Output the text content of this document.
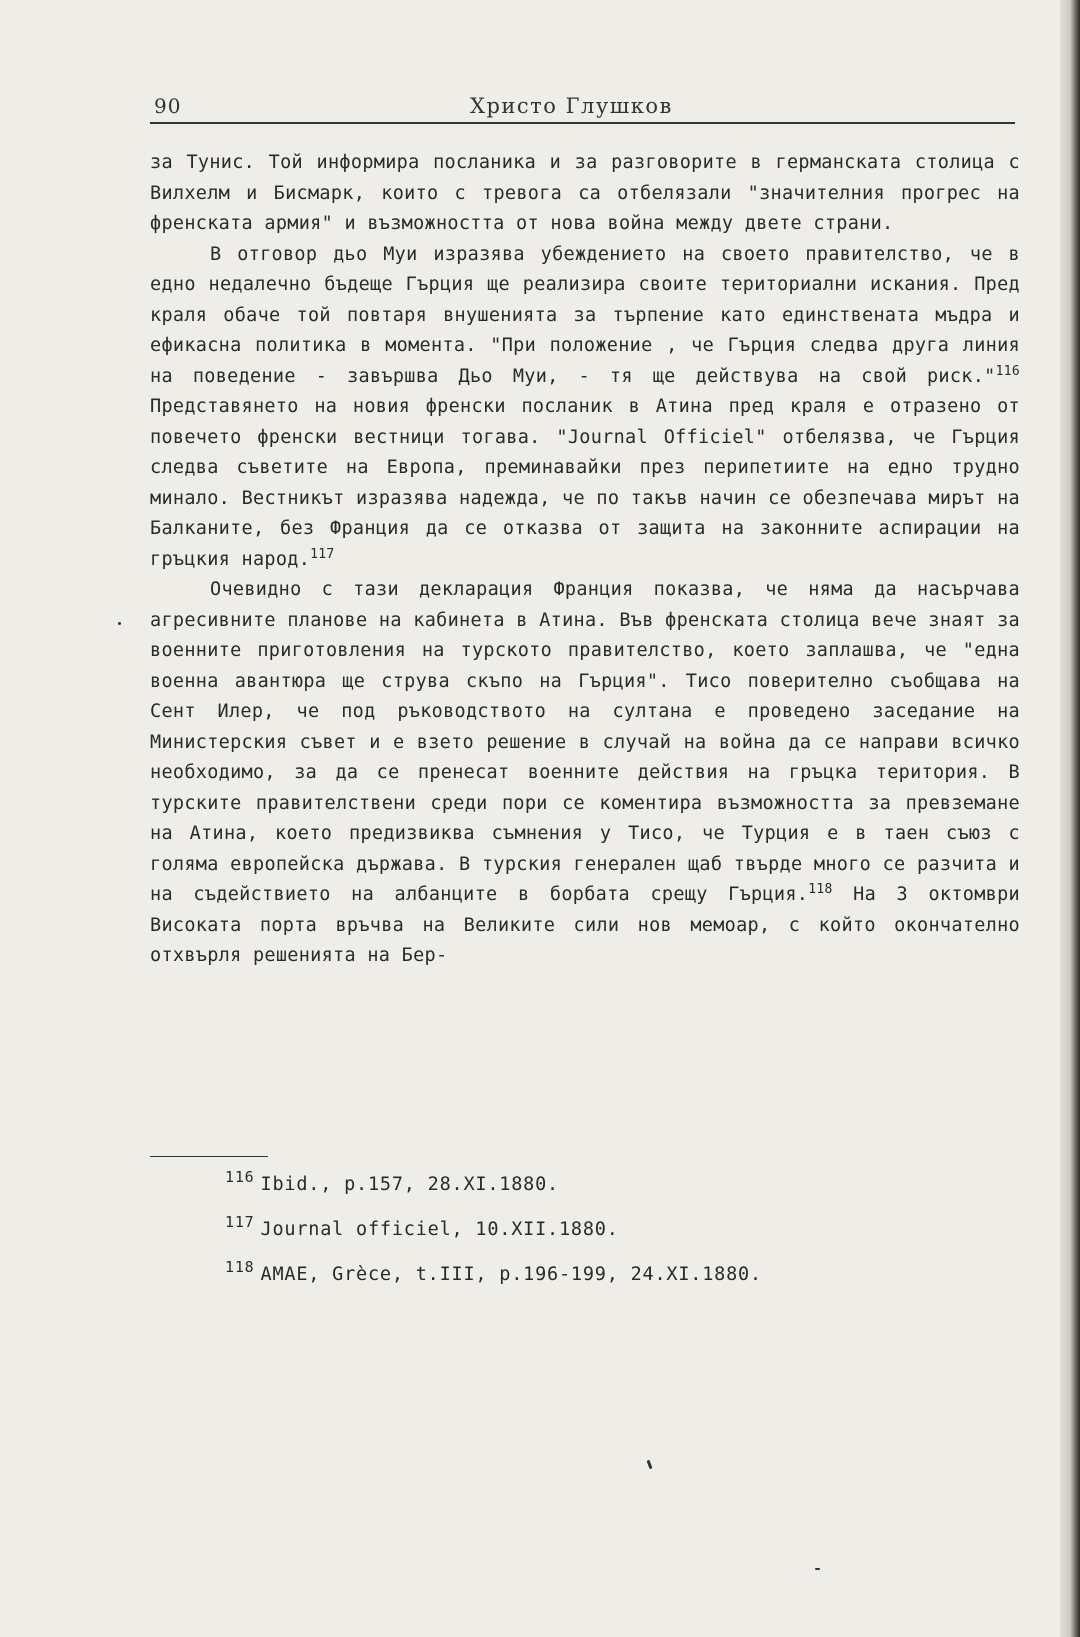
90	Христо Глушков

за Тунис. Той информира посланика и за разговорите в германската столица с Вилхелм и Бисмарк, които с тревога са отбелязали "значителния прогрес на френската армия" и възможността от нова война между двете страни.

В отговор дьо Муи изразява убеждението на своето правителство, че в едно недалечно бъдеще Гърция ще реализира своите териториални искания. Пред краля обаче той повтаря внушенията за търпение като единствената мъдра и ефикасна политика в момента. "При положение , че Гърция следва друга линия на поведение - завършва Дьо Муи, - тя ще действува на свой риск."$^{116}$ Представянето на новия френски посланик в Атина пред краля е отразено от повечето френски вестници тогава. "Journal Officiel" отбелязва, че Гърция следва съветите на Европа, преминавайки през перипетиите на едно трудно минало. Вестникът изразява надежда, че по такъв начин се обезпечава мирът на Балканите, без Франция да се отказва от защита на законните аспирации на гръцкия народ.$^{117}$

Очевидно с тази декларация Франция показва, че няма да насърчава агресивните планове на кабинета в Атина. Във френската столица вече знаят за военните приготовления на турското правителство, което заплашва, че "една военна авантюра ще струва скъпо на Гърция". Тисо поверително съобщава на Сент Илер, че под ръководството на султана е проведено заседание на Министерския съвет и е взето решение в случай на война да се направи всичко необходимо, за да се пренесат военните действия на гръцка територия. В турските правителствени среди пори се коментира възможността за превземане на Атина, което предизвиква съмнения у Тисо, че Турция е в таен съюз с голяма европейска държава. В турския генерален щаб твърде много се разчита и на съдействието на албанците в борбата срещу Гърция.$^{118}$ На 3 октомври Високата порта връчва на Великите сили нов мемоар, с който окончателно отхвърля решенията на Бер-

$^{116}$ Ibid., p.157, 28.XI.1880.
$^{117}$ Journal officiel, 10.XII.1880.
$^{118}$ AMAE, Grèce, t.III, p.196-199, 24.XI.1880.
